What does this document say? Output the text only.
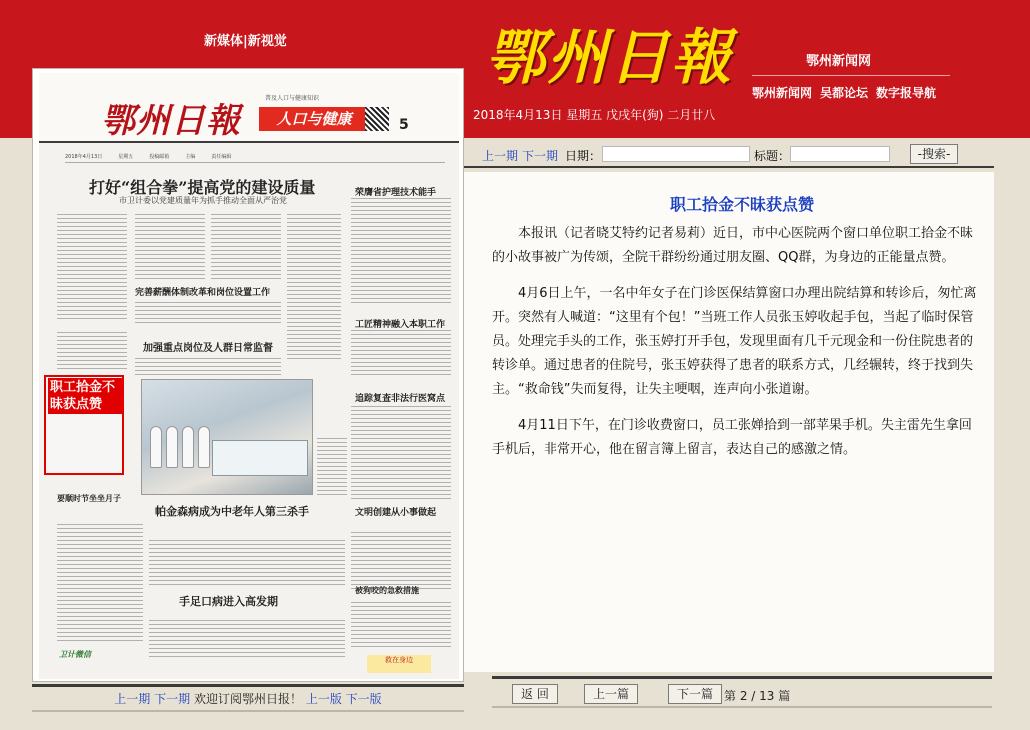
新媒体|新视觉	鄂州日報
2018年4月13日 星期五 戊戌年(狗) 二月廿八
鄂州新闻网
鄂州新闻网 吴都论坛 数字报导航
鄂州日報
普及人口与健康知识
人口与健康	5
2018年4月13日	星期五	投稿邮箱	主编	责任编辑
打好“组合拳”提高党的建设质量
市卫计委以党建质量年为抓手推动全面从严治党
荣膺省护理技术能手
完善薪酬体制改革和岗位设置工作
加强重点岗位及人群日常监督
工匠精神融入本职工作
追踪复查非法行医窝点
帕金森病成为中老年人第三杀手
要顺时节坐坐月子
文明创建从小事做起
手足口病进入高发期
被狗咬的急救措施
卫计微信
救在身边
职工拾金不昧获点赞
上一期 下一期 欢迎订阅鄂州日报！ 上一版 下一版
上一期 下一期 日期：	标题：	-搜索-
职工拾金不昧获点赞

本报讯（记者晓艾特约记者易莉）近日，市中心医院两个窗口单位职工拾金不昧的小故事被广为传颂，全院干群纷纷通过朋友圈、QQ群，为身边的正能量点赞。

4月6日上午，一名中年女子在门诊医保结算窗口办理出院结算和转诊后，匆忙离开。突然有人喊道：“这里有个包！”当班工作人员张玉婷收起手包，当起了临时保管员。处理完手头的工作，张玉婷打开手包，发现里面有几千元现金和一份住院患者的转诊单。通过患者的住院号，张玉婷获得了患者的联系方式，几经辗转，终于找到失主。“救命钱”失而复得，让失主哽咽，连声向小张道谢。

4月11日下午，在门诊收费窗口，员工张婵拾到一部苹果手机。失主雷先生拿回手机后，非常开心，他在留言簿上留言，表达自己的感激之情。

返 回	上一篇	下一篇 第 2 / 13 篇
